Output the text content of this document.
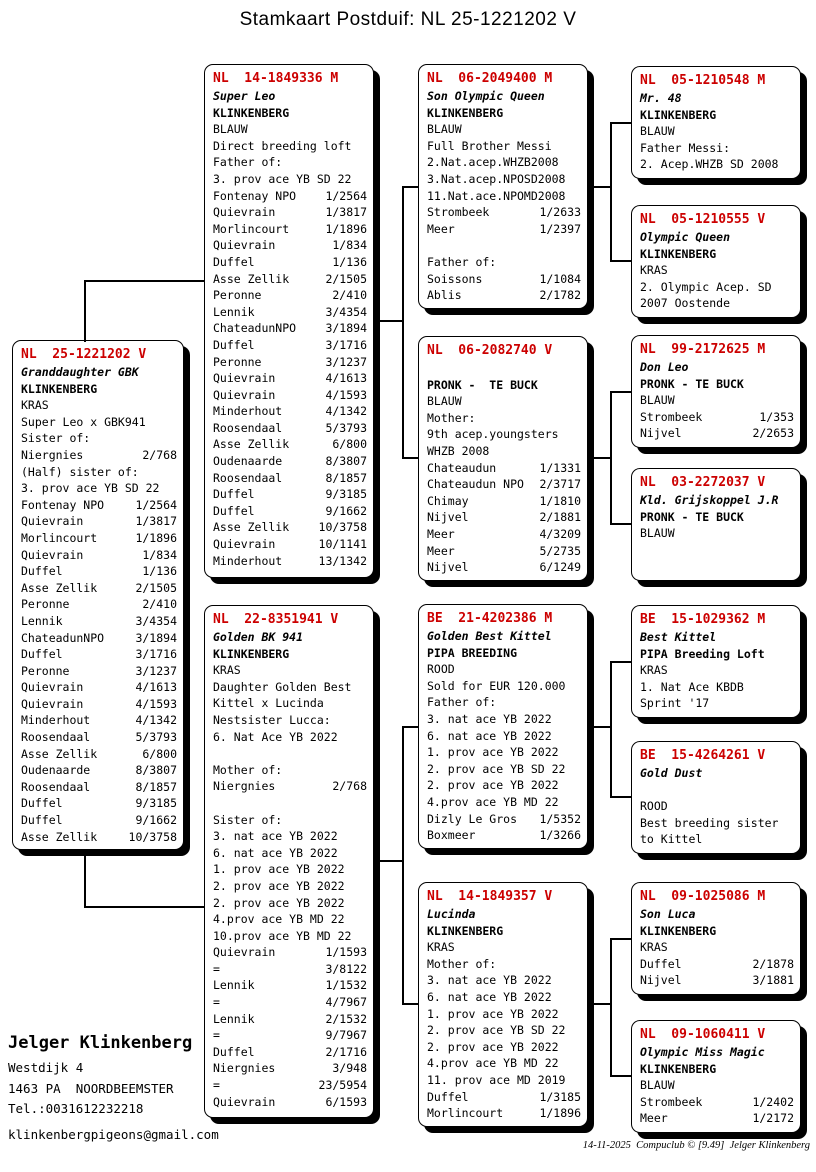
Stamkaart Postduif: NL 25-1221202 V
NL  25-1221202 V
Granddaughter GBK
KLINKENBERG
KRAS
Super Leo x GBK941
Sister of:
Niergnies	2/768
(Half) sister of:
3. prov ace YB SD 22
Fontenay NPO	1/2564
Quievrain	1/3817
Morlincourt	1/1896
Quievrain	1/834
Duffel	1/136
Asse Zellik	2/1505
Peronne	2/410
Lennik	3/4354
ChateadunNPO	3/1894
Duffel	3/1716
Peronne	3/1237
Quievrain	4/1613
Quievrain	4/1593
Minderhout	4/1342
Roosendaal	5/3793
Asse Zellik	6/800
Oudenaarde	8/3807
Roosendaal	8/1857
Duffel	9/3185
Duffel	9/1662
Asse Zellik	10/3758
NL  14-1849336 M
Super Leo
KLINKENBERG
BLAUW
Direct breeding loft
Father of:
3. prov ace YB SD 22
Fontenay NPO	1/2564
Quievrain	1/3817
Morlincourt	1/1896
Quievrain	1/834
Duffel	1/136
Asse Zellik	2/1505
Peronne	2/410
Lennik	3/4354
ChateadunNPO	3/1894
Duffel	3/1716
Peronne	3/1237
Quievrain	4/1613
Quievrain	4/1593
Minderhout	4/1342
Roosendaal	5/3793
Asse Zellik	6/800
Oudenaarde	8/3807
Roosendaal	8/1857
Duffel	9/3185
Duffel	9/1662
Asse Zellik	10/3758
Quievrain	10/1141
Minderhout	13/1342
NL  22-8351941 V
Golden BK 941
KLINKENBERG
KRAS
Daughter Golden Best
Kittel x Lucinda
Nestsister Lucca:
6. Nat Ace YB 2022

Mother of:
Niergnies	2/768

Sister of:
3. nat ace YB 2022
6. nat ace YB 2022
1. prov ace YB 2022
2. prov ace YB 2022
2. prov ace YB 2022
4.prov ace YB MD 22
10.prov ace YB MD 22
Quievrain	1/1593
=	3/8122
Lennik	1/1532
=	4/7967
Lennik	2/1532
=	9/7967
Duffel	2/1716
Niergnies	3/948
=	23/5954
Quievrain	6/1593
NL  06-2049400 M
Son Olympic Queen
KLINKENBERG
BLAUW
Full Brother Messi
2.Nat.acep.WHZB2008
3.Nat.acep.NPOSD2008
11.Nat.ace.NPOMD2008
Strombeek	1/2633
Meer	1/2397

Father of:
Soissons	1/1084
Ablis	2/1782
NL  06-2082740 V

PRONK -  TE BUCK
BLAUW
Mother:
9th acep.youngsters
WHZB 2008
Chateaudun	1/1331
Chateaudun NPO 2/3717
Chimay	1/1810
Nijvel	2/1881
Meer	4/3209
Meer	5/2735
Nijvel	6/1249
BE  21-4202386 M
Golden Best Kittel
PIPA BREEDING
ROOD
Sold for EUR 120.000
Father of:
3. nat ace YB 2022
6. nat ace YB 2022
1. prov ace YB 2022
2. prov ace YB SD 22
2. prov ace YB 2022
4.prov ace YB MD 22
Dizly Le Gros 1/5352
Boxmeer	1/3266
NL  14-1849357 V
Lucinda
KLINKENBERG
KRAS
Mother of:
3. nat ace YB 2022
6. nat ace YB 2022
1. prov ace YB 2022
2. prov ace YB SD 22
2. prov ace YB 2022
4.prov ace YB MD 22
11. prov ace MD 2019
Duffel	1/3185
Morlincourt	1/1896
NL  05-1210548 M
Mr. 48
KLINKENBERG
BLAUW
Father Messi:
2. Acep.WHZB SD 2008
NL  05-1210555 V
Olympic Queen
KLINKENBERG
KRAS
2. Olympic Acep. SD
2007 Oostende
NL  99-2172625 M
Don Leo
PRONK - TE BUCK
BLAUW
Strombeek	1/353
Nijvel	2/2653
NL  03-2272037 V
Kld. Grijskoppel J.R
PRONK - TE BUCK
BLAUW
BE  15-1029362 M
Best Kittel
PIPA Breeding Loft
KRAS
1. Nat Ace KBDB
Sprint '17
BE  15-4264261 V
Gold Dust

ROOD
Best breeding sister
to Kittel
NL  09-1025086 M
Son Luca
KLINKENBERG
KRAS
Duffel	2/1878
Nijvel	3/1881
NL  09-1060411 V
Olympic Miss Magic
KLINKENBERG
BLAUW
Strombeek	1/2402
Meer	1/2172
Jelger Klinkenberg
Westdijk 4
1463 PA  NOORDBEEMSTER
Tel.:0031612232218
klinkenbergpigeons@gmail.com
14-11-2025  Compuclub © [9.49]  Jelger Klinkenberg
